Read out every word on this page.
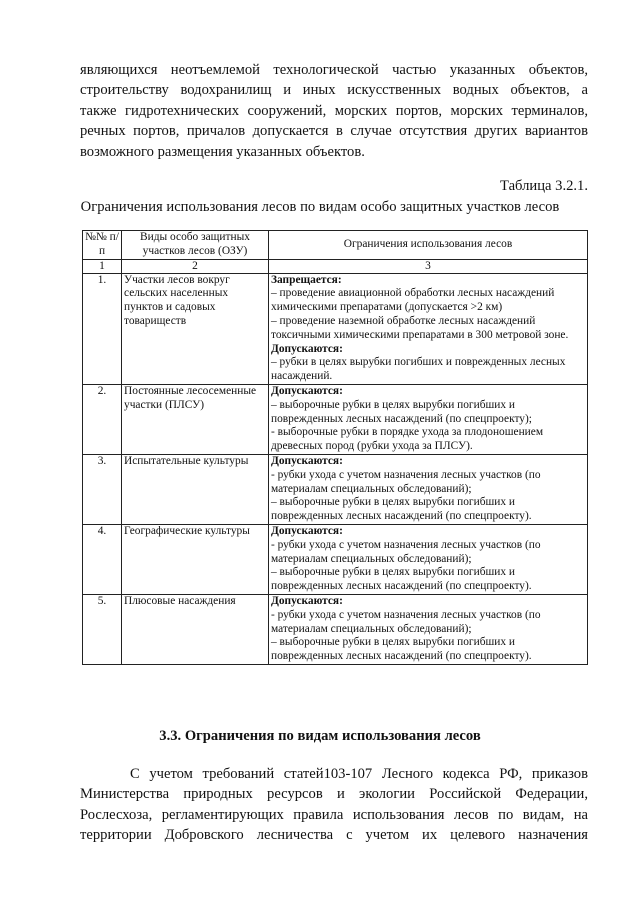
являющихся неотъемлемой технологической частью указанных объектов,
строительству водохранилищ и иных искусственных водных объектов, а
также гидротехнических сооружений, морских портов, морских терминалов,
речных портов, причалов допускается в случае отсутствия других вариантов
возможного размещения указанных объектов.
Таблица 3.2.1.
Ограничения использования лесов по видам особо защитных участков лесов
№№ п/п	Виды особо защитных участков лесов (ОЗУ)	Ограничения использования лесов
1	2	3
1.	Участки лесов вокруг сельских населенных пунктов и садовых товариществ	Запрещается:
– проведение авиационной обработки лесных насаждений химическими препаратами (допускается >2 км)
– проведение наземной обработке лесных насаждений токсичными химическими препаратами в 300 метровой зоне.
Допускаются:
– рубки в целях вырубки погибших и поврежденных лесных насаждений.

2.	Постоянные лесосеменные участки (ПЛСУ)	Допускаются:
– выборочные рубки в целях вырубки погибших и поврежденных лесных насаждений (по спецпроекту);
- выборочные рубки в порядке ухода за плодоношением древесных пород (рубки ухода за ПЛСУ).

3.	Испытательные культуры	Допускаются:
- рубки ухода с учетом назначения лесных участков (по материалам специальных обследований);
– выборочные рубки в целях вырубки погибших и поврежденных лесных насаждений (по спецпроекту).

4.	Географические культуры	Допускаются:
- рубки ухода с учетом назначения лесных участков (по материалам специальных обследований);
– выборочные рубки в целях вырубки погибших и поврежденных лесных насаждений (по спецпроекту).

5.	Плюсовые насаждения	Допускаются:
- рубки ухода с учетом назначения лесных участков (по материалам специальных обследований);
– выборочные рубки в целях вырубки погибших и поврежденных лесных насаждений (по спецпроекту).
3.3. Ограничения по видам использования лесов
С учетом требований статей103-107 Лесного кодекса РФ, приказов
Министерства природных ресурсов и экологии Российской Федерации,
Рослесхоза, регламентирующих правила использования лесов по видам, на
территории Добровского лесничества с учетом их целевого назначения
